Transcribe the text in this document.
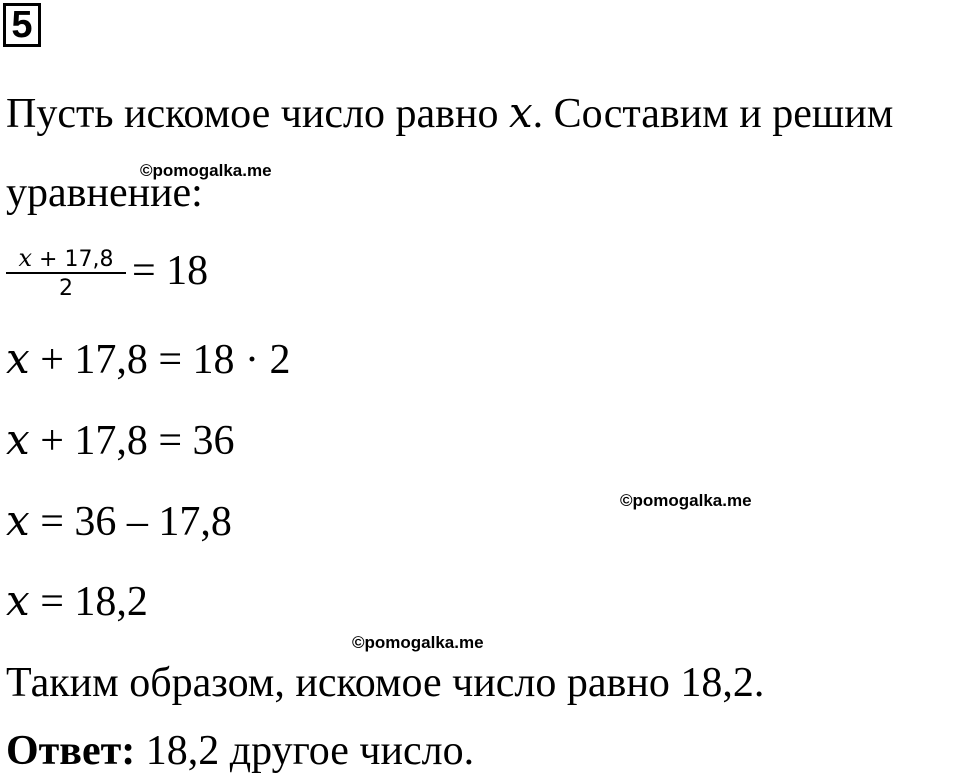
5
Пусть искомое число равно x. Составим и решим
©pomogalka.me
уравнение:
x + 17,8
2	= 18
x + 17,8 = 18 · 2
x + 17,8 = 36
©pomogalka.me
x = 36 – 17,8
x = 18,2
©pomogalka.me
Таким образом, искомое число равно 18,2.
Ответ: 18,2 другое число.
